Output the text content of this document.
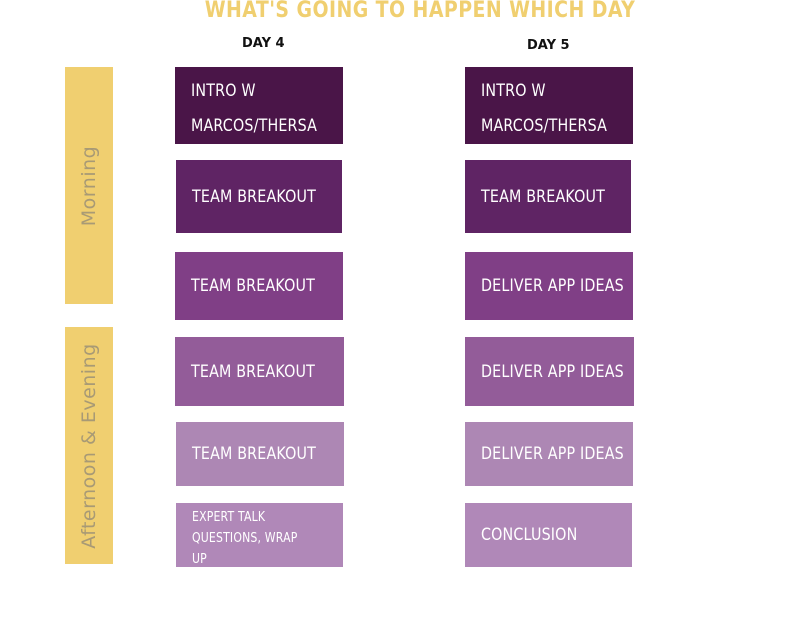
WHAT'S GOING TO HAPPEN WHICH DAY
DAY 4	DAY 5
Morning
Afternoon & Evening
INTRO W
MARCOS/THERSA
TEAM BREAKOUT
TEAM BREAKOUT
TEAM BREAKOUT
TEAM BREAKOUT
EXPERT TALK
QUESTIONS, WRAP
UP
INTRO W
MARCOS/THERSA
TEAM BREAKOUT
DELIVER APP IDEAS
DELIVER APP IDEAS
DELIVER APP IDEAS
CONCLUSION
